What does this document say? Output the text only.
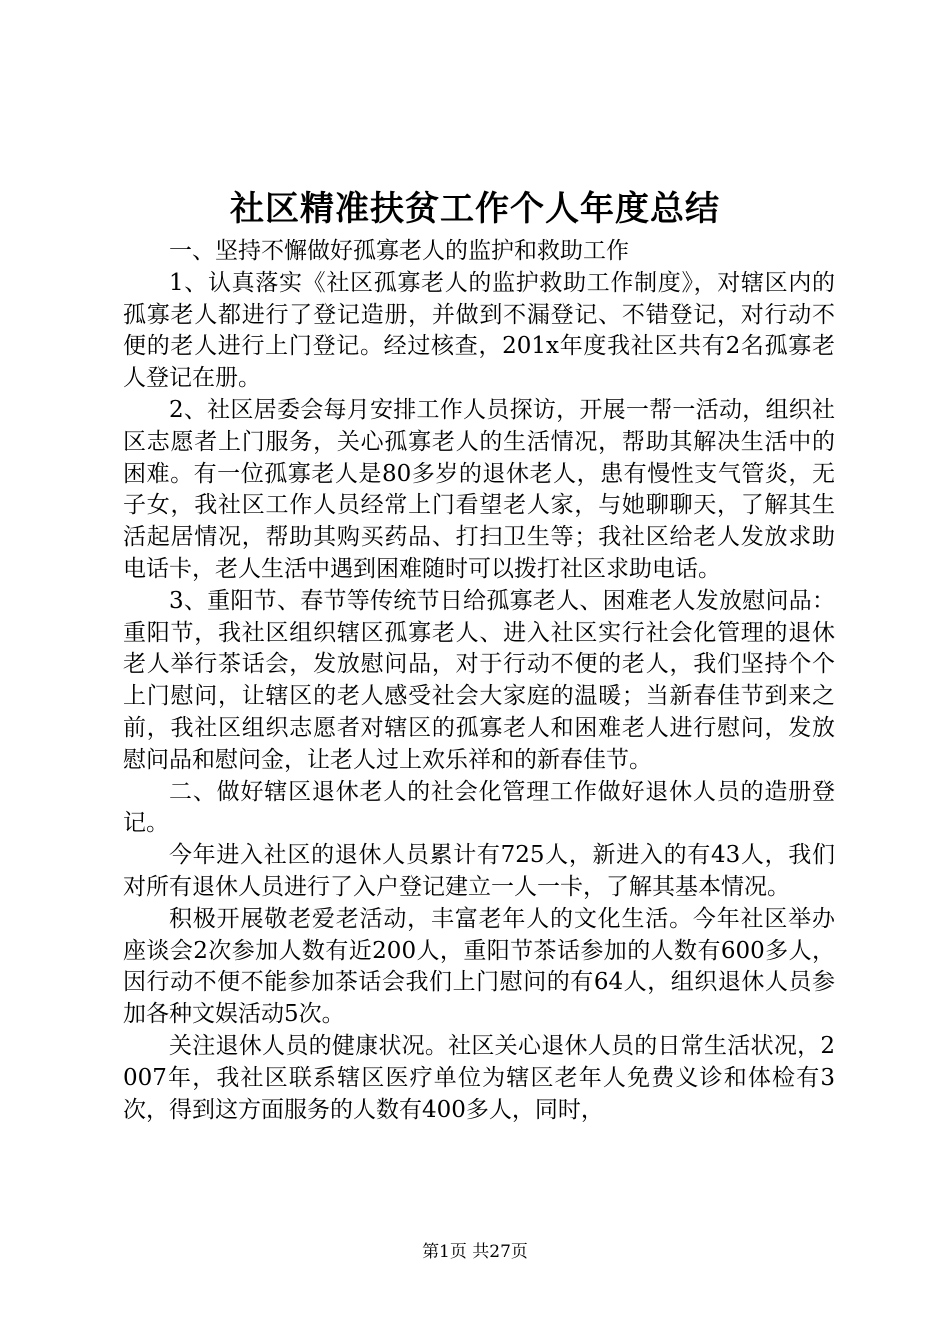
社区精准扶贫工作个人年度总结

一、坚持不懈做好孤寡老人的监护和救助工作

1、认真落实《社区孤寡老人的监护救助工作制度》，对辖区内的孤寡老人都进行了登记造册，并做到不漏登记、不错登记，对行动不便的老人进行上门登记。经过核查，201x年度我社区共有2名孤寡老人登记在册。

2、社区居委会每月安排工作人员探访，开展一帮一活动，组织社区志愿者上门服务，关心孤寡老人的生活情况，帮助其解决生活中的困难。有一位孤寡老人是80多岁的退休老人，患有慢性支气管炎，无子女，我社区工作人员经常上门看望老人家，与她聊聊天，了解其生活起居情况，帮助其购买药品、打扫卫生等；我社区给老人发放求助电话卡，老人生活中遇到困难随时可以拨打社区求助电话。

3、重阳节、春节等传统节日给孤寡老人、困难老人发放慰问品：重阳节，我社区组织辖区孤寡老人、进入社区实行社会化管理的退休老人举行茶话会，发放慰问品，对于行动不便的老人，我们坚持个个上门慰问，让辖区的老人感受社会大家庭的温暖；当新春佳节到来之前，我社区组织志愿者对辖区的孤寡老人和困难老人进行慰问，发放慰问品和慰问金，让老人过上欢乐祥和的新春佳节。

二、做好辖区退休老人的社会化管理工作做好退休人员的造册登记。

今年进入社区的退休人员累计有725人，新进入的有43人，我们对所有退休人员进行了入户登记建立一人一卡，了解其基本情况。

积极开展敬老爱老活动，丰富老年人的文化生活。今年社区举办座谈会2次参加人数有近200人，重阳节茶话参加的人数有600多人，因行动不便不能参加茶话会我们上门慰问的有64人，组织退休人员参加各种文娱活动5次。

关注退休人员的健康状况。社区关心退休人员的日常生活状况，2007年，我社区联系辖区医疗单位为辖区老年人免费义诊和体检有3次，得到这方面服务的人数有400多人，同时，

第1页 共27页
